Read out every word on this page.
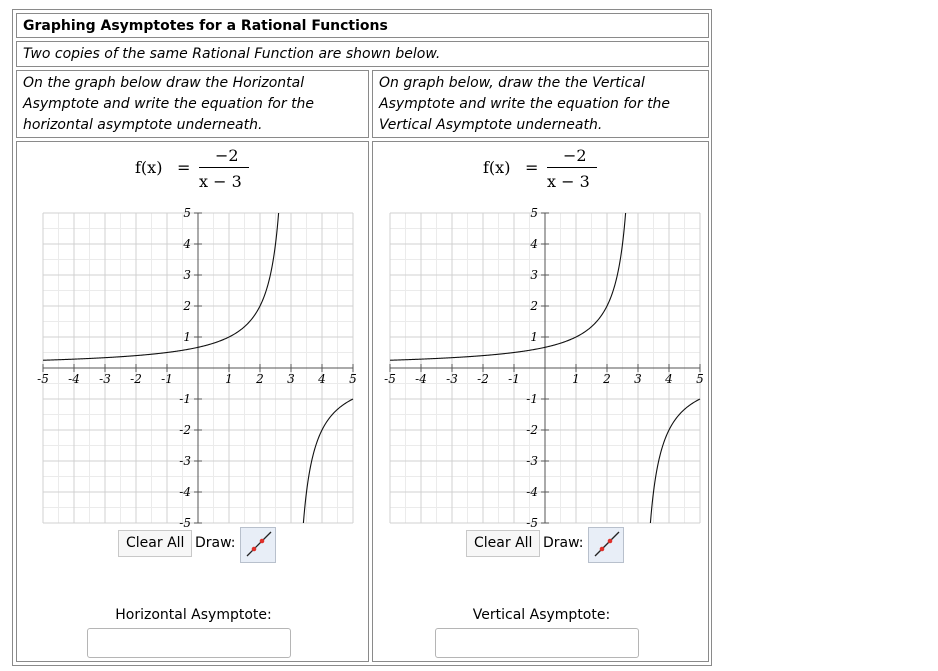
Graphing Asymptotes for a Rational Functions
Two copies of the same Rational Function are shown below.
On the graph below draw the Horizontal Asymptote and write the equation for the horizontal asymptote underneath.
On graph below, draw the the Vertical Asymptote and write the equation for the Vertical Asymptote underneath.
f(x) =
−2
x − 3
-5 -4 -3 -2 -1	1 2 3 4 5
5
4
3
2
1
-1
-2
-3
-4
-5
Clear All Draw:
Horizontal Asymptote:
f(x) =
−2
x − 3
-5 -4 -3 -2 -1	1 2 3 4 5
5
4
3
2
1
-1
-2
-3
-4
-5
Clear All Draw:
Vertical Asymptote:
